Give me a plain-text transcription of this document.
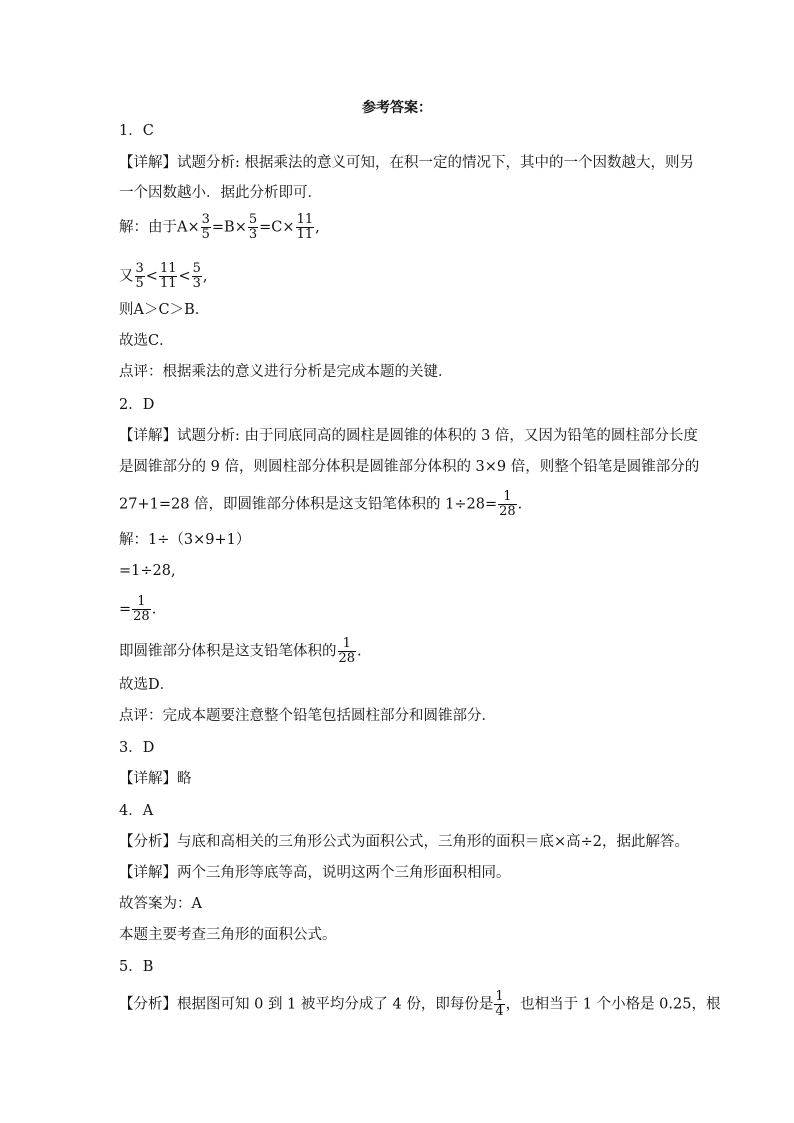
参考答案：
1．C
【详解】试题分析: 根据乘法的意义可知，在积一定的情况下，其中的一个因数越大，则另
一个因数越小．据此分析即可．
解：由于$A\times \frac{3}{5} =B\times \frac{5}{3} =C\times \frac{11}{11}$ ,
又 $\frac{3}{5} < \frac{11}{11} < \frac{5}{3}$ ,
则A＞C＞B．
故选C．
点评：根据乘法的意义进行分析是完成本题的关键．
2．D
【详解】试题分析: 由于同底同高的圆柱是圆锥的体积的 3 倍，又因为铅笔的圆柱部分长度
是圆锥部分的 9 倍，则圆柱部分体积是圆锥部分体积的 3×9 倍，则整个铅笔是圆锥部分的
27+1=28 倍，即圆锥部分体积是这支铅笔体积的 $1\div 28= \frac{1}{28}$ .
解：1÷（3×9+1）
=1÷28,
= $\frac{1}{28}$ .
即圆锥部分体积是这支铅笔体积的 $\frac{1}{28}$ .
故选D．
点评：完成本题要注意整个铅笔包括圆柱部分和圆锥部分．
3．D
【详解】略
4．A
【分析】与底和高相关的三角形公式为面积公式，三角形的面积＝底×高÷2，据此解答。
【详解】两个三角形等底等高，说明这两个三角形面积相同。
故答案为：A
本题主要考查三角形的面积公式。
5．B
【分析】根据图可知 0 到 1 被平均分成了 4 份，即每份是 $\frac{1}{4}$ ，也相当于 1 个小格是 0.25，根
